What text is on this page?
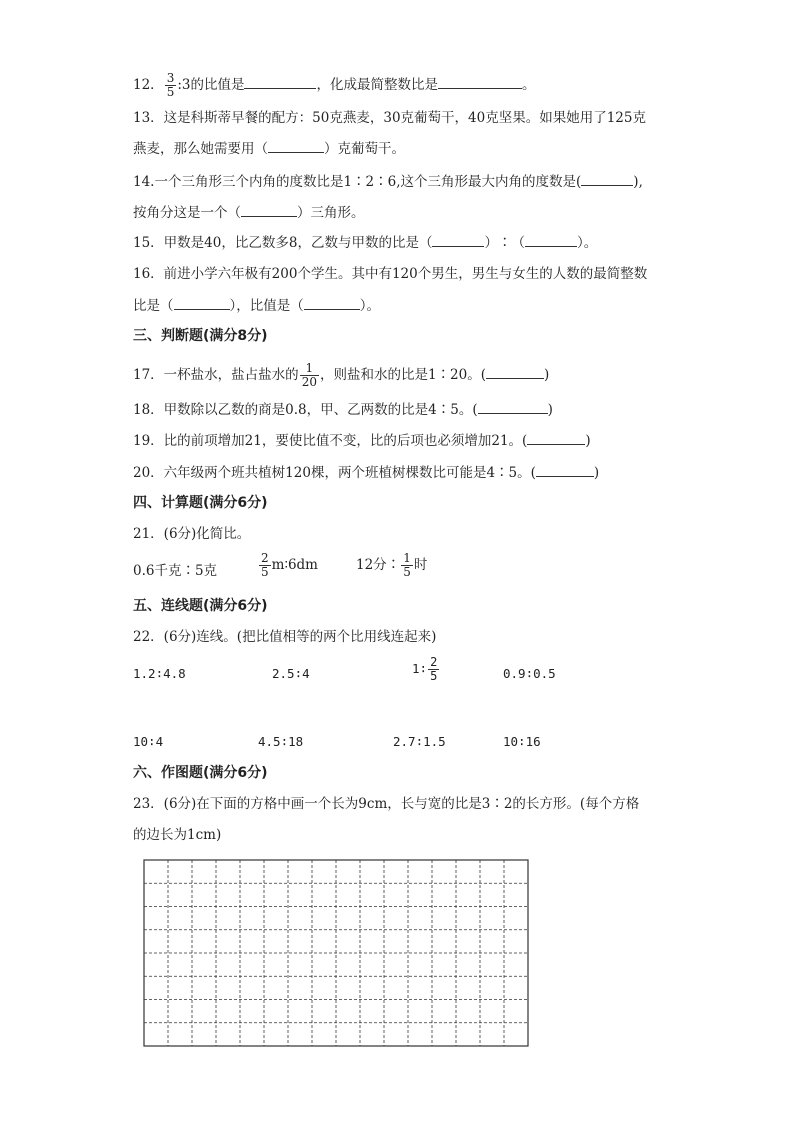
12． $\frac{3}{5}$ :3的比值是	，化成最简整数比是	。
13．这是科斯蒂早餐的配方：50克燕麦，30克葡萄干，40克坚果。如果她用了125克
燕麦，那么她需要用（	）克葡萄干。
14.一个三角形三个内角的度数比是1∶2∶6,这个三角形最大内角的度数是(	),
按角分这是一个（	）三角形。
15．甲数是40，比乙数多8，乙数与甲数的比是（	）∶（	）。
16．前进小学六年极有200个学生。其中有120个男生，男生与女生的人数的最简整数
比是（	），比值是（	）。
三、判断题(满分8分)
17．一杯盐水，盐占盐水的 $\frac{1}{20}$ ，则盐和水的比是1∶20。(	)
18．甲数除以乙数的商是0.8，甲、乙两数的比是4∶5。(	)
19．比的前项增加21，要使比值不变，比的后项也必须增加21。(	)
20．六年级两个班共植树120棵，两个班植树棵数比可能是4∶5。(	)
四、计算题(满分6分)
21．(6分)化简比。
0.6千克∶5克	$\frac{2}{5}$ m∶6dm	12分∶ $\frac{1}{5}$ 时
五、连线题(满分6分)
22．(6分)连线。(把比值相等的两个比用线连起来)
1.2∶4.8	2.5∶4	1∶ $\frac{2}{5}$	0.9∶0.5
10∶4	4.5∶18	2.7∶1.5	10∶16
六、作图题(满分6分)
23．(6分)在下面的方格中画一个长为9cm，长与宽的比是3∶2的长方形。(每个方格
的边长为1cm)
